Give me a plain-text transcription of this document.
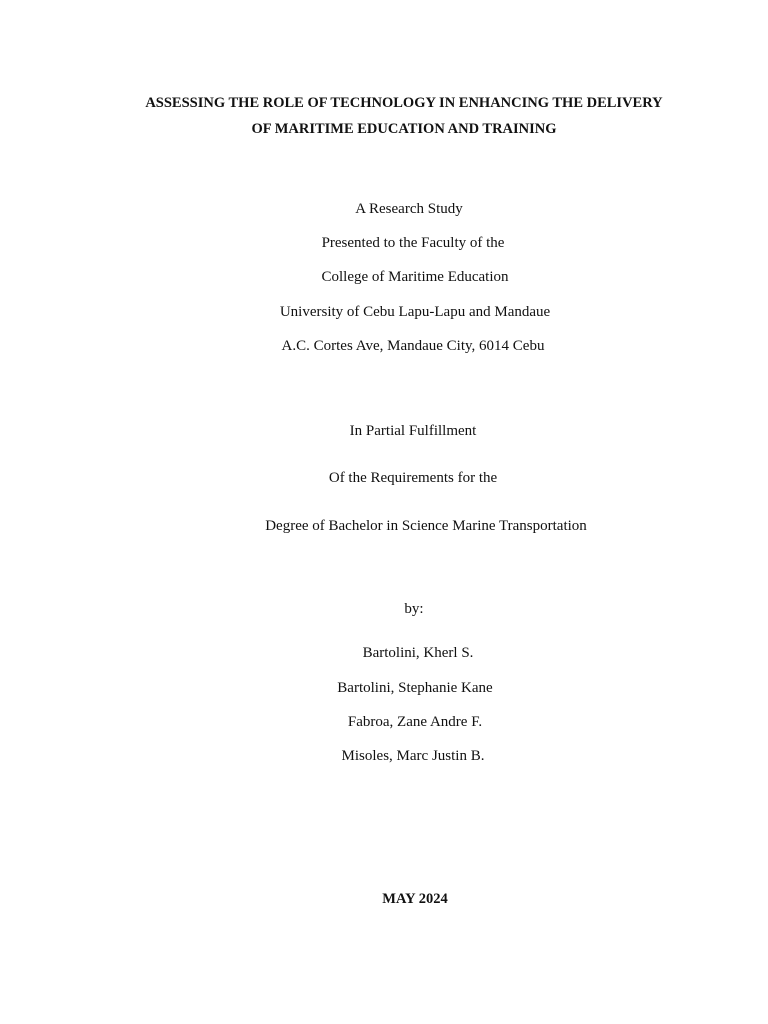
ASSESSING THE ROLE OF TECHNOLOGY IN ENHANCING THE DELIVERY
OF MARITIME EDUCATION AND TRAINING
A Research Study
Presented to the Faculty of the
College of Maritime Education
University of Cebu Lapu-Lapu and Mandaue
A.C. Cortes Ave, Mandaue City, 6014 Cebu
In Partial Fulfillment
Of the Requirements for the
Degree of Bachelor in Science Marine Transportation
by:
Bartolini, Kherl S.
Bartolini, Stephanie Kane
Fabroa, Zane Andre F.
Misoles, Marc Justin B.
MAY 2024
